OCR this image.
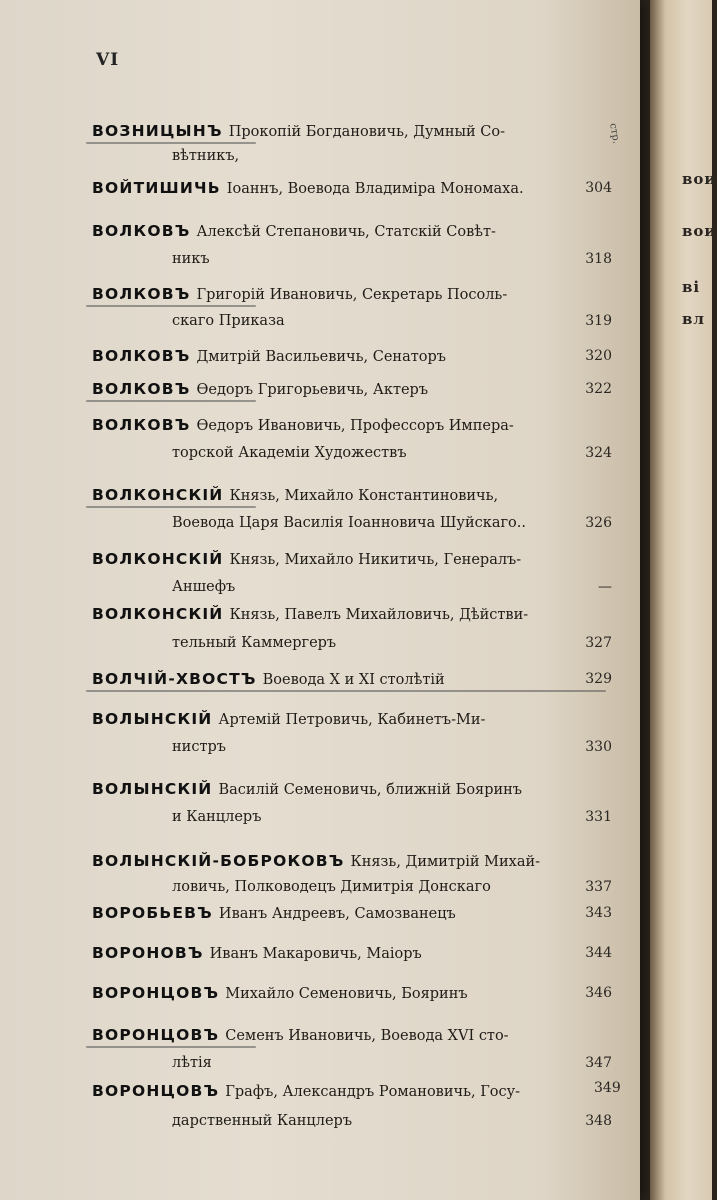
VI
стр.
ВОЗНИЦЫНЪ Прокопій Богдановичь, Думный Со-
вѣтникъ,
ВОЙТИШИЧЬ Іоаннъ, Воевода Владиміра Мономаха.	304
ВОЛКОВЪ Алексѣй Степановичь, Статскій Совѣт-
никъ	318
ВОЛКОВЪ Григорій Ивановичь, Секретарь Посоль-
скаго Приказа	319
ВОЛКОВЪ Дмитрій Васильевичь, Сенаторъ	320
ВОЛКОВЪ Ѳедоръ Григорьевичь, Актеръ	322
ВОЛКОВЪ Ѳедоръ Ивановичь, Профессоръ Импера-
торской Академіи Художествъ	324
ВОЛКОНСКІЙ Князь, Михайло Константиновичь,
Воевода Царя Василія Іоанновича Шуйскаго..	326
ВОЛКОНСКІЙ Князь, Михайло Никитичь, Генералъ-
Аншефъ	—
ВОЛКОНСКІЙ Князь, Павелъ Михайловичь, Дѣйстви-
тельный Каммергеръ	327
ВОЛЧІЙ-ХВОСТЪ Воевода X и XI столѣтій	329
ВОЛЫНСКІЙ Артемій Петровичь, Кабинетъ-Ми-
нистръ	330
ВОЛЫНСКІЙ Василій Семеновичь, ближній Бояринъ
и Канцлеръ	331
ВОЛЫНСКІЙ-БОБРОКОВЪ Князь, Димитрій Михай-
ловичь, Полководецъ Димитрія Донскаго	337
ВОРОБЬЕВЪ Иванъ Андреевъ, Самозванецъ	343
ВОРОНОВЪ Иванъ Макаровичь, Маіоръ	344
ВОРОНЦОВЪ Михайло Семеновичь, Бояринъ	346
ВОРОНЦОВЪ Семенъ Ивановичь, Воевода XVI сто-
лѣтія	347
ВОРОНЦОВЪ Графъ, Александръ Романовичь, Госу-
дарственный Канцлеръ	348
349
вои
вои
ві
вл
